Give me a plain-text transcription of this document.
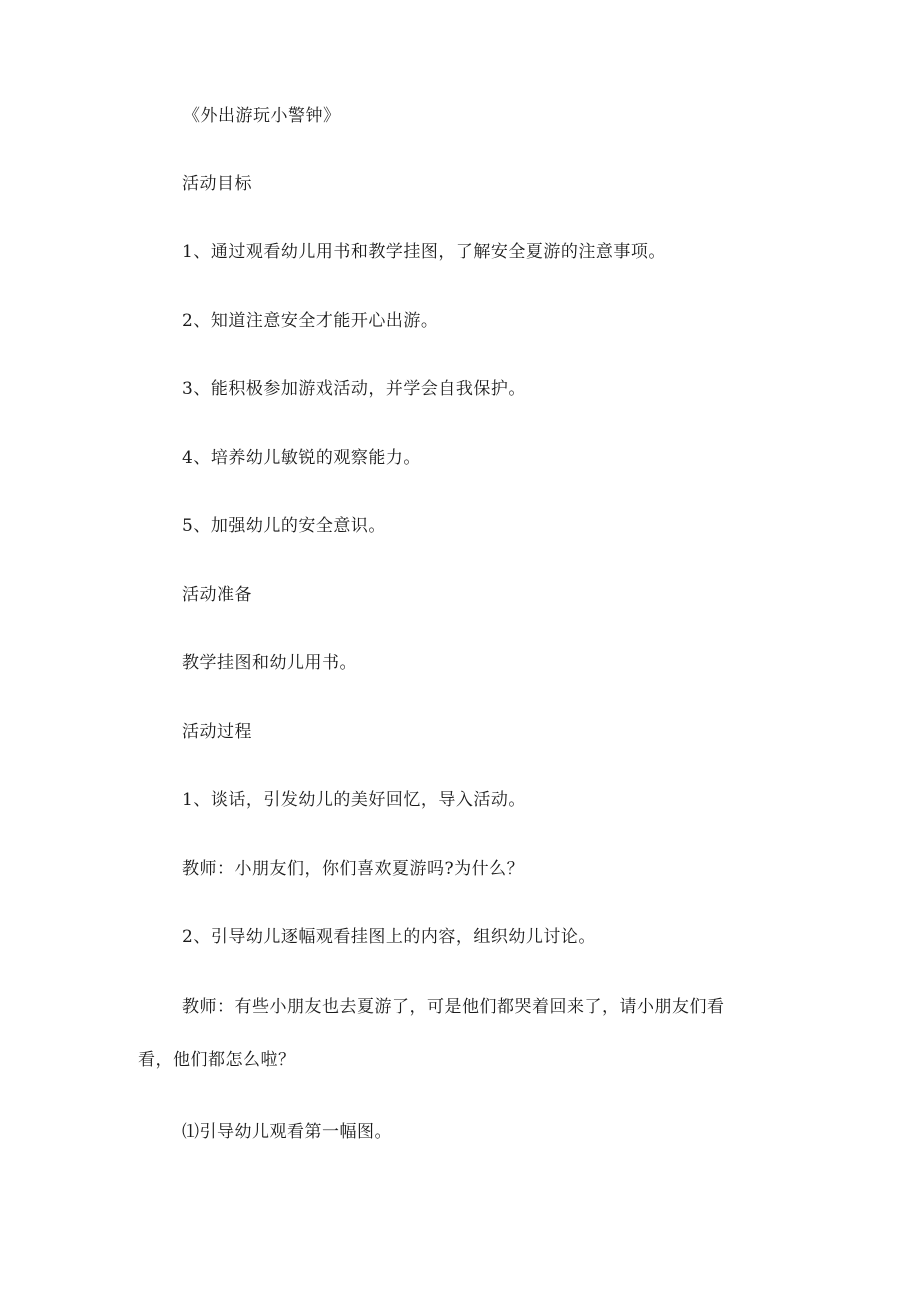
《外出游玩小警钟》
活动目标
1、通过观看幼儿用书和教学挂图，了解安全夏游的注意事项。
2、知道注意安全才能开心出游。
3、能积极参加游戏活动，并学会自我保护。
4、培养幼儿敏锐的观察能力。
5、加强幼儿的安全意识。
活动准备
教学挂图和幼儿用书。
活动过程
1、谈话，引发幼儿的美好回忆，导入活动。
教师：小朋友们，你们喜欢夏游吗?为什么？
2、引导幼儿逐幅观看挂图上的内容，组织幼儿讨论。
教师：有些小朋友也去夏游了，可是他们都哭着回来了，请小朋友们看
看，他们都怎么啦？
⑴引导幼儿观看第一幅图。
